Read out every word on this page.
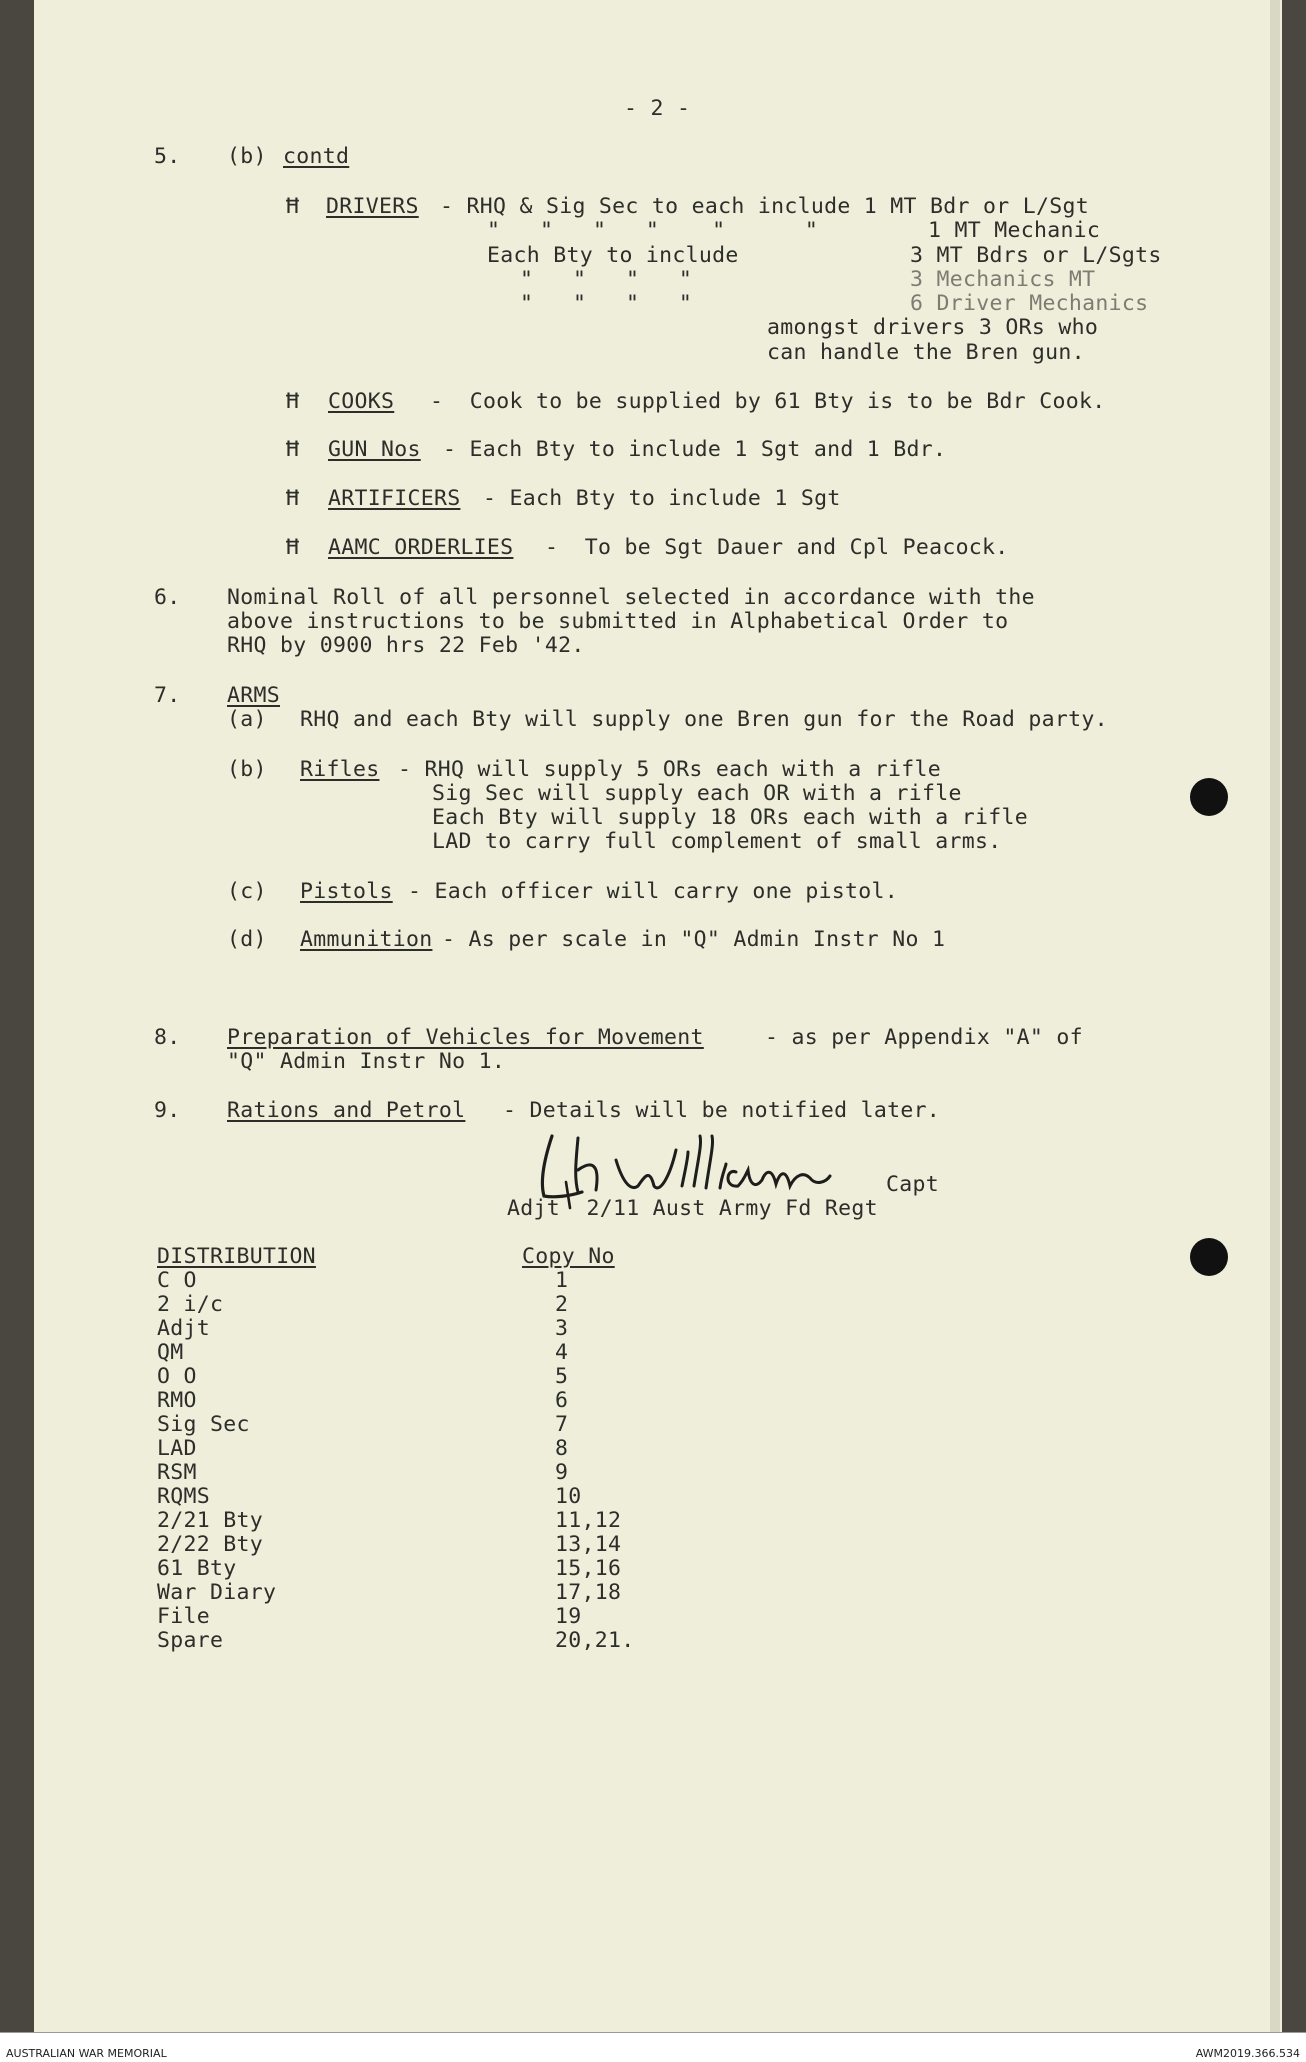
- 2 -
5. (b) contd
Ħ DRIVERS - RHQ & Sig Sec to each include 1 MT Bdr or L/Sgt
"   "   "   "    "      "	1 MT Mechanic
Each Bty to include	3 MT Bdrs or L/Sgts
"   "   "   "	3 Mechanics MT
"   "   "   "	6 Driver Mechanics
amongst drivers 3 ORs who
can handle the Bren gun.
Ħ COOKS -  Cook to be supplied by 61 Bty is to be Bdr Cook.
Ħ GUN Nos - Each Bty to include 1 Sgt and 1 Bdr.
Ħ ARTIFICERS - Each Bty to include 1 Sgt
Ħ AAMC ORDERLIES -  To be Sgt Dauer and Cpl Peacock.
6. Nominal Roll of all personnel selected in accordance with the
above instructions to be submitted in Alphabetical Order to
RHQ by 0900 hrs 22 Feb '42.
7. ARMS
(a) RHQ and each Bty will supply one Bren gun for the Road party.
(b) Rifles - RHQ will supply 5 ORs each with a rifle
Sig Sec will supply each OR with a rifle
Each Bty will supply 18 ORs each with a rifle
LAD to carry full complement of small arms.
(c) Pistols - Each officer will carry one pistol.
(d) Ammunition - As per scale in "Q" Admin Instr No 1
8. Preparation of Vehicles for Movement	- as per Appendix "A" of
"Q" Admin Instr No 1.
9. Rations and Petrol - Details will be notified later.
Capt
Adjt  2/11 Aust Army Fd Regt
DISTRIBUTION	Copy No
C O	1
2 i/c	2
Adjt	3
QM	4
O O	5
RMO	6
Sig Sec	7
LAD	8
RSM	9
RQMS	10
2/21 Bty	11,12
2/22 Bty	13,14
61 Bty	15,16
War Diary	17,18
File	19
Spare	20,21.
AUSTRALIAN WAR MEMORIAL	AWM2019.366.534
